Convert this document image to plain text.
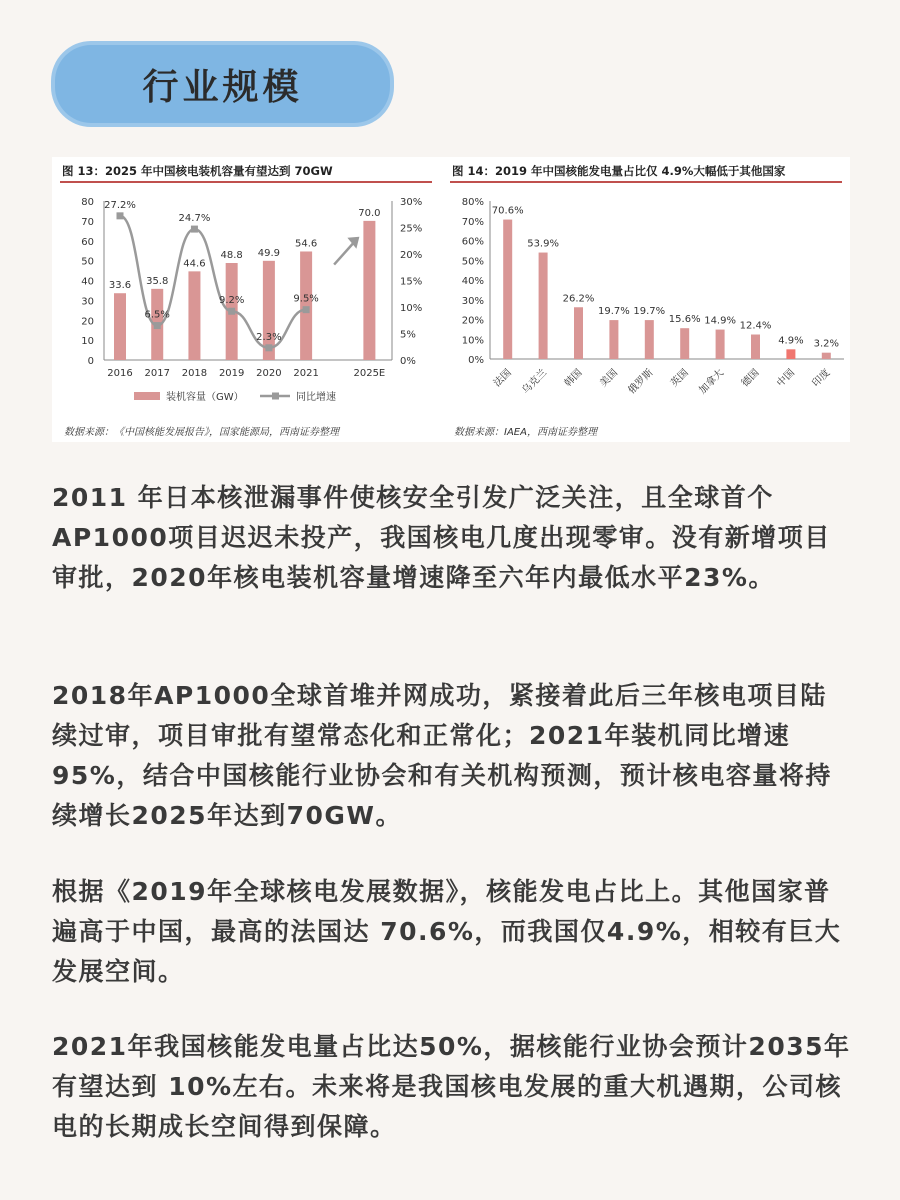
行业规模
图 13：2025 年中国核电装机容量有望达到 70GW
0
10
20
30
40
50
60
70
80
0%
5%
10%
15%
20%
25%
30%
33.6
2016
35.8
2017
44.6
2018
48.8
2019
49.9
2020
54.6
2021
70.0
2025E
27.2%
6.5%
24.7%
9.2%
2.3%
9.5%
装机容量（GW）	同比增速
数据来源：《中国核能发展报告》，国家能源局，西南证券整理
图 14：2019 年中国核能发电量占比仅 4.9%大幅低于其他国家
0%
10%
20%
30%
40%
50%
60%
70%
80%
70.6%
法国
53.9%
乌克兰
26.2%
韩国
19.7%
美国
19.7%
俄罗斯
15.6%
英国
14.9%
加拿大
12.4%
德国
4.9%
中国
3.2%
印度
数据来源：IAEA，西南证券整理
2011 年日本核泄漏事件使核安全引发广泛关注，且全球首个AP1000项目迟迟未投产，我国核电几度出现零审。没有新增项目审批，2020年核电装机容量增速降至六年内最低水平23%。
2018年AP1000全球首堆并网成功，紧接着此后三年核电项目陆续过审，项目审批有望常态化和正常化；2021年装机同比增速95%，结合中国核能行业协会和有关机构预测，预计核电容量将持续增长2025年达到70GW。
根据《2019年全球核电发展数据》，核能发电占比上。其他国家普遍高于中国，最高的法国达 70.6%，而我国仅4.9%，相较有巨大发展空间。
2021年我国核能发电量占比达50%，据核能行业协会预计2035年有望达到 10%左右。未来将是我国核电发展的重大机遇期，公司核电的长期成长空间得到保障。
